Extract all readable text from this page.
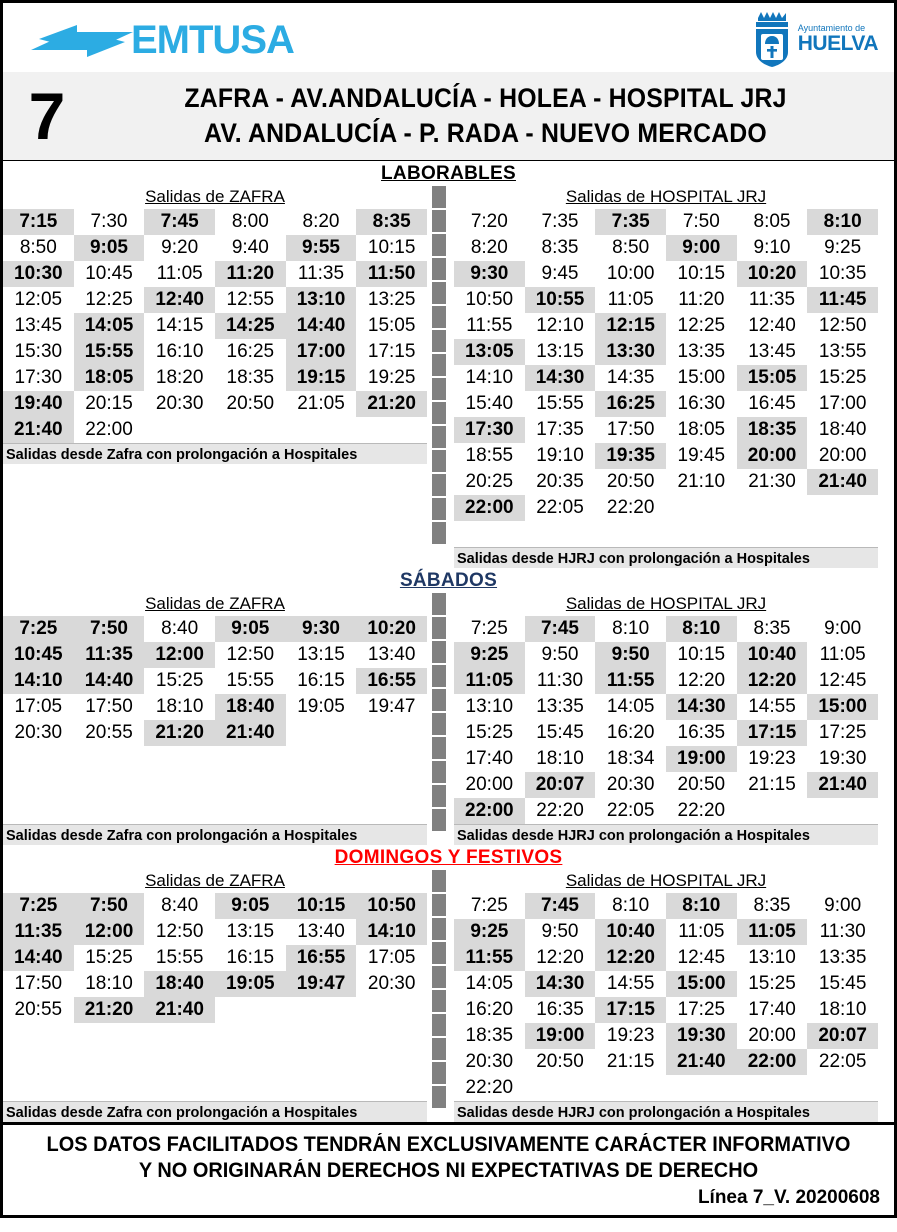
EMTUSA	Ayuntamiento de
HUELVA
7	ZAFRA - AV.ANDALUCÍA - HOLEA - HOSPITAL JRJ
AV. ANDALUCÍA - P. RADA - NUEVO MERCADO
LABORABLES
Salidas de ZAFRA
7:15	7:30	7:45	8:00	8:20	8:35
8:50	9:05	9:20	9:40	9:55	10:15
10:30	10:45	11:05	11:20	11:35	11:50
12:05	12:25	12:40	12:55	13:10	13:25
13:45	14:05	14:15	14:25	14:40	15:05
15:30	15:55	16:10	16:25	17:00	17:15
17:30	18:05	18:20	18:35	19:15	19:25
19:40	20:15	20:30	20:50	21:05	21:20
21:40	22:00
Salidas desde Zafra con prolongación a Hospitales
Salidas de HOSPITAL JRJ
7:20	7:35	7:35	7:50	8:05	8:10
8:20	8:35	8:50	9:00	9:10	9:25
9:30	9:45	10:00	10:15	10:20	10:35
10:50	10:55	11:05	11:20	11:35	11:45
11:55	12:10	12:15	12:25	12:40	12:50
13:05	13:15	13:30	13:35	13:45	13:55
14:10	14:30	14:35	15:00	15:05	15:25
15:40	15:55	16:25	16:30	16:45	17:00
17:30	17:35	17:50	18:05	18:35	18:40
18:55	19:10	19:35	19:45	20:00	20:00
20:25	20:35	20:50	21:10	21:30	21:40
22:00	22:05	22:20
Salidas desde HJRJ con prolongación a Hospitales
SÁBADOS
Salidas de ZAFRA
7:25	7:50	8:40	9:05	9:30	10:20
10:45	11:35	12:00	12:50	13:15	13:40
14:10	14:40	15:25	15:55	16:15	16:55
17:05	17:50	18:10	18:40	19:05	19:47
20:30	20:55	21:20	21:40
Salidas desde Zafra con prolongación a Hospitales
Salidas de HOSPITAL JRJ
7:25	7:45	8:10	8:10	8:35	9:00
9:25	9:50	9:50	10:15	10:40	11:05
11:05	11:30	11:55	12:20	12:20	12:45
13:10	13:35	14:05	14:30	14:55	15:00
15:25	15:45	16:20	16:35	17:15	17:25
17:40	18:10	18:34	19:00	19:23	19:30
20:00	20:07	20:30	20:50	21:15	21:40
22:00	22:20	22:05	22:20
Salidas desde HJRJ con prolongación a Hospitales
DOMINGOS Y FESTIVOS
Salidas de ZAFRA
7:25	7:50	8:40	9:05	10:15	10:50
11:35	12:00	12:50	13:15	13:40	14:10
14:40	15:25	15:55	16:15	16:55	17:05
17:50	18:10	18:40	19:05	19:47	20:30
20:55	21:20	21:40
Salidas desde Zafra con prolongación a Hospitales
Salidas de HOSPITAL JRJ
7:25	7:45	8:10	8:10	8:35	9:00
9:25	9:50	10:40	11:05	11:05	11:30
11:55	12:20	12:20	12:45	13:10	13:35
14:05	14:30	14:55	15:00	15:25	15:45
16:20	16:35	17:15	17:25	17:40	18:10
18:35	19:00	19:23	19:30	20:00	20:07
20:30	20:50	21:15	21:40	22:00	22:05
22:20
Salidas desde HJRJ con prolongación a Hospitales
LOS DATOS FACILITADOS TENDRÁN EXCLUSIVAMENTE CARÁCTER INFORMATIVO
Y NO ORIGINARÁN DERECHOS NI EXPECTATIVAS DE DERECHO
Línea 7_V. 20200608
